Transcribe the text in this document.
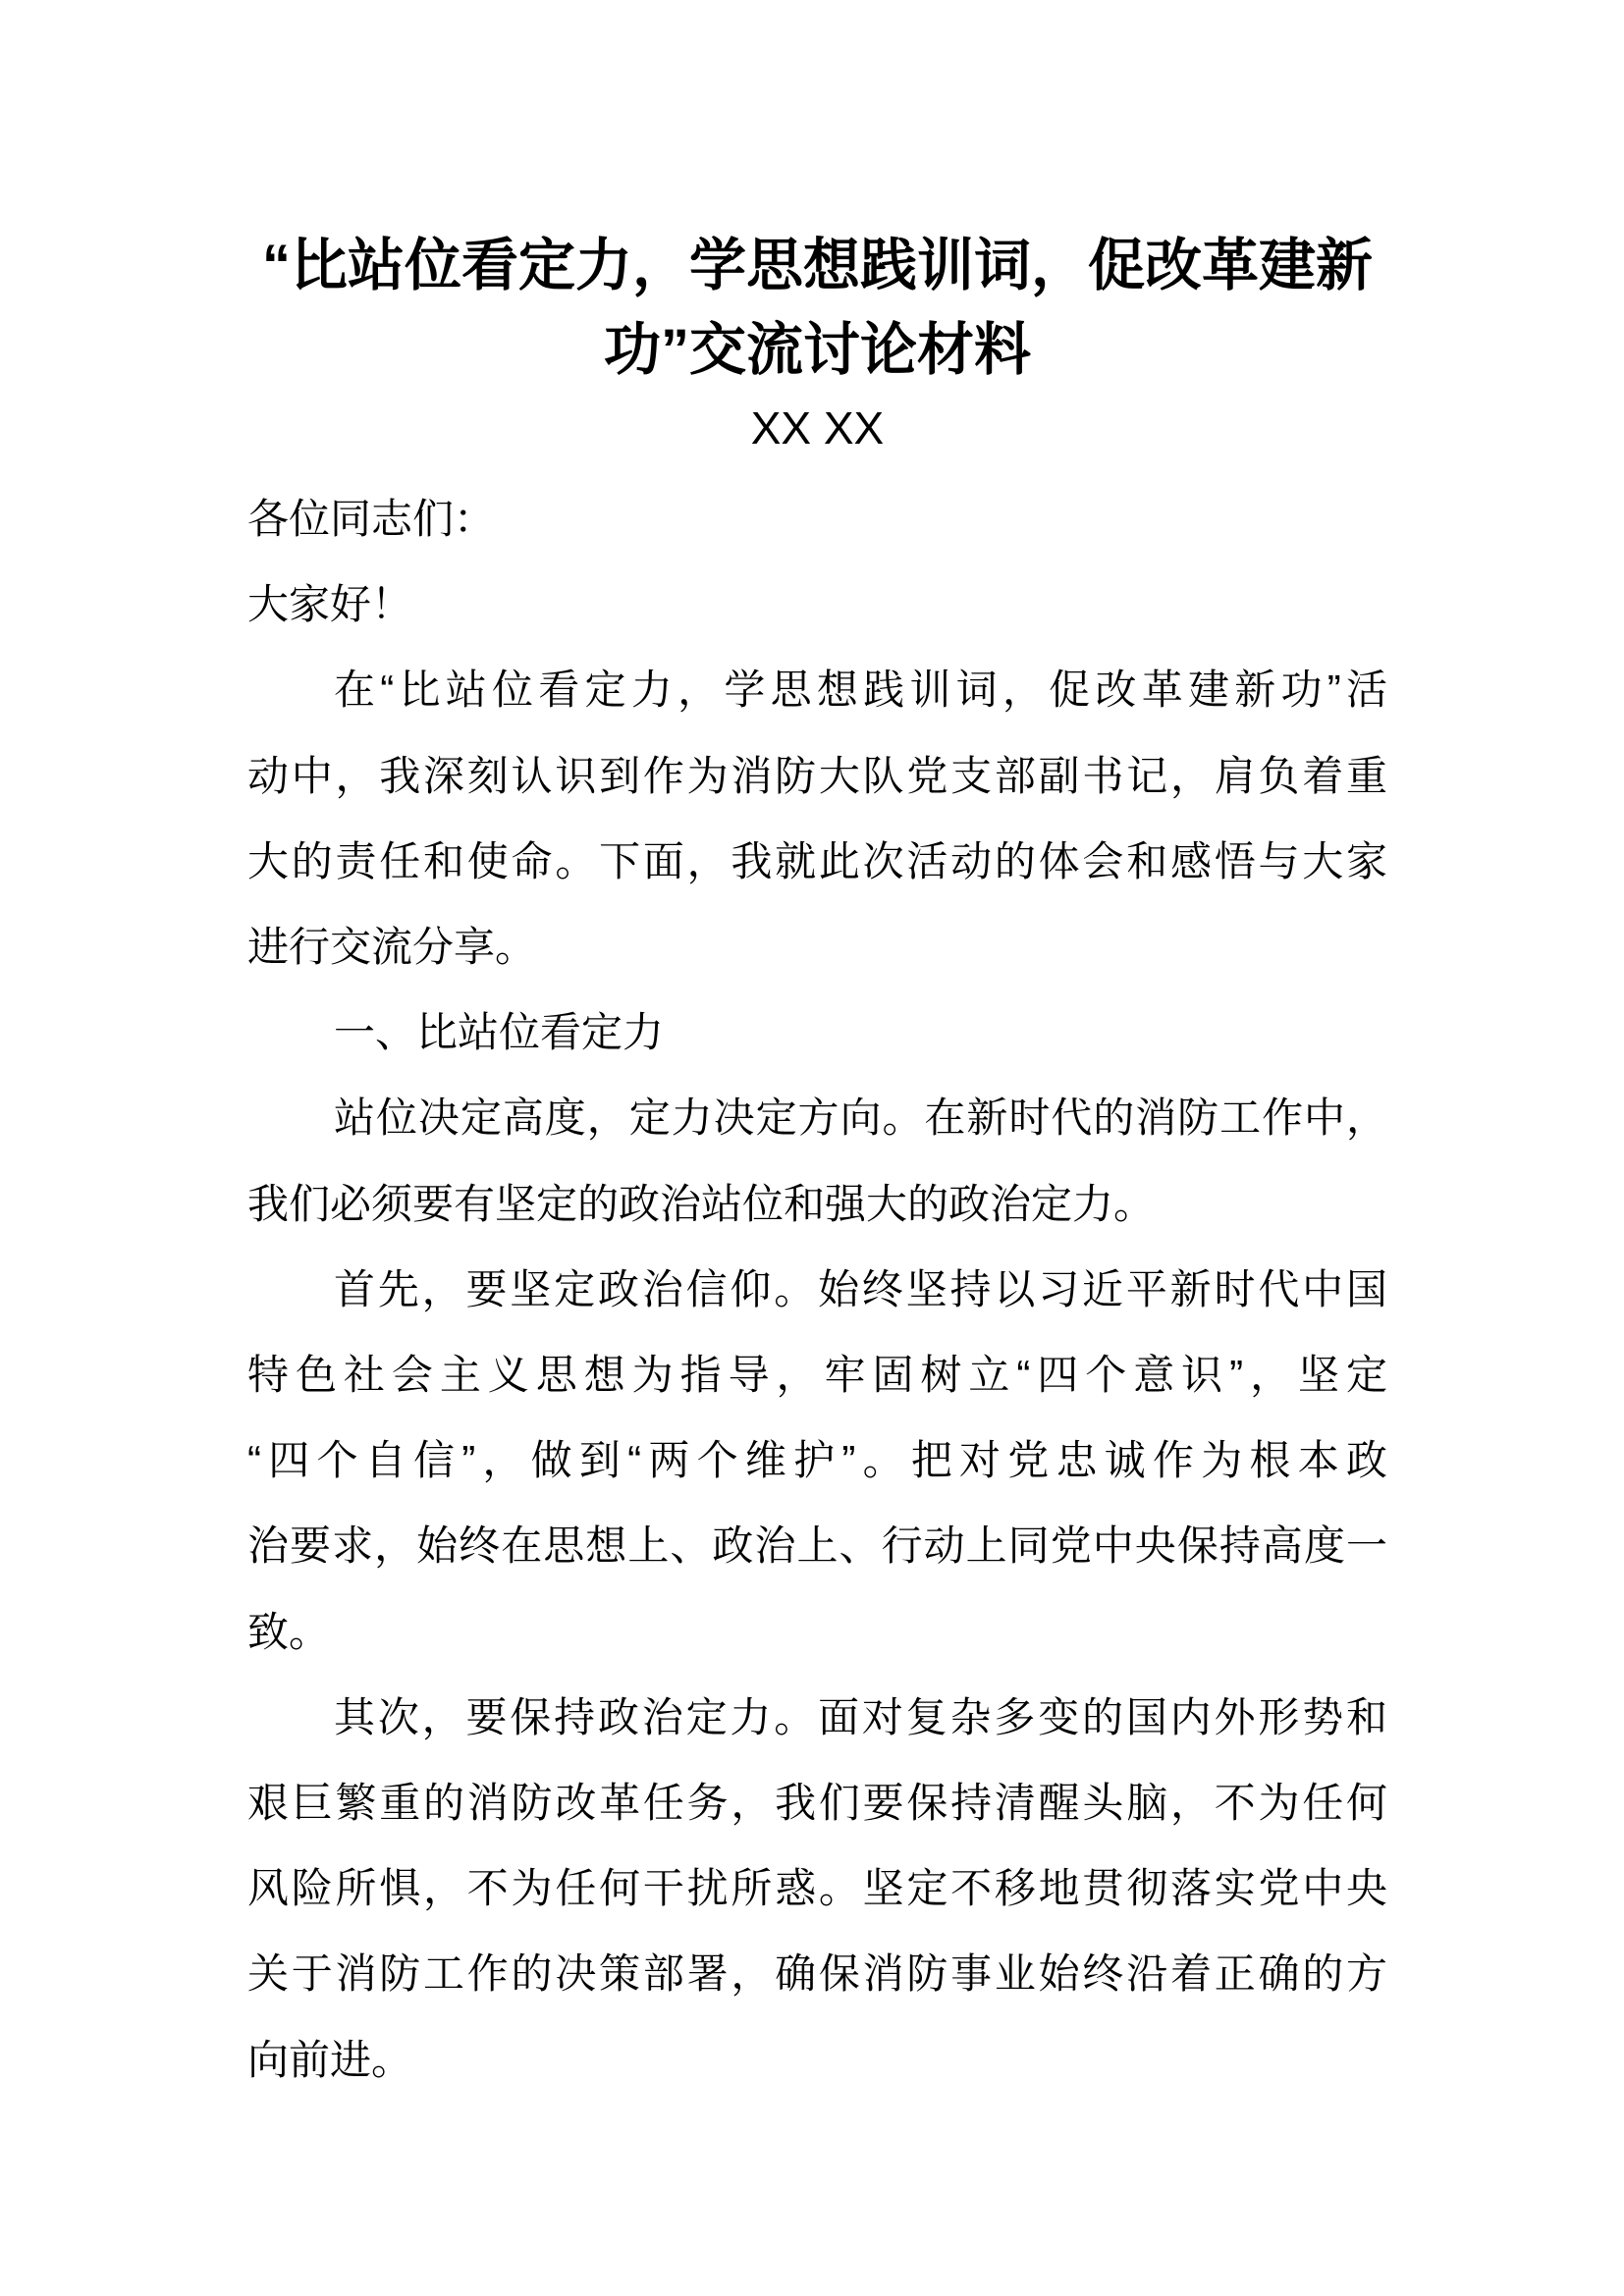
“比站位看定力，学思想践训词，促改革建新
功”交流讨论材料
XX XX
各位同志们：
大家好！
在“比站位看定力，学思想践训词，促改革建新功”活
动中，我深刻认识到作为消防大队党支部副书记，肩负着重
大的责任和使命。下面，我就此次活动的体会和感悟与大家
进行交流分享。
一、比站位看定力
站位决定高度，定力决定方向。在新时代的消防工作中，
我们必须要有坚定的政治站位和强大的政治定力。
首先，要坚定政治信仰。始终坚持以习近平新时代中国
特色社会主义思想为指导，牢固树立“四个意识”，坚定
“四个自信”，做到“两个维护”。把对党忠诚作为根本政
治要求，始终在思想上、政治上、行动上同党中央保持高度一
致。
其次，要保持政治定力。面对复杂多变的国内外形势和
艰巨繁重的消防改革任务，我们要保持清醒头脑，不为任何
风险所惧，不为任何干扰所惑。坚定不移地贯彻落实党中央
关于消防工作的决策部署，确保消防事业始终沿着正确的方
向前进。
